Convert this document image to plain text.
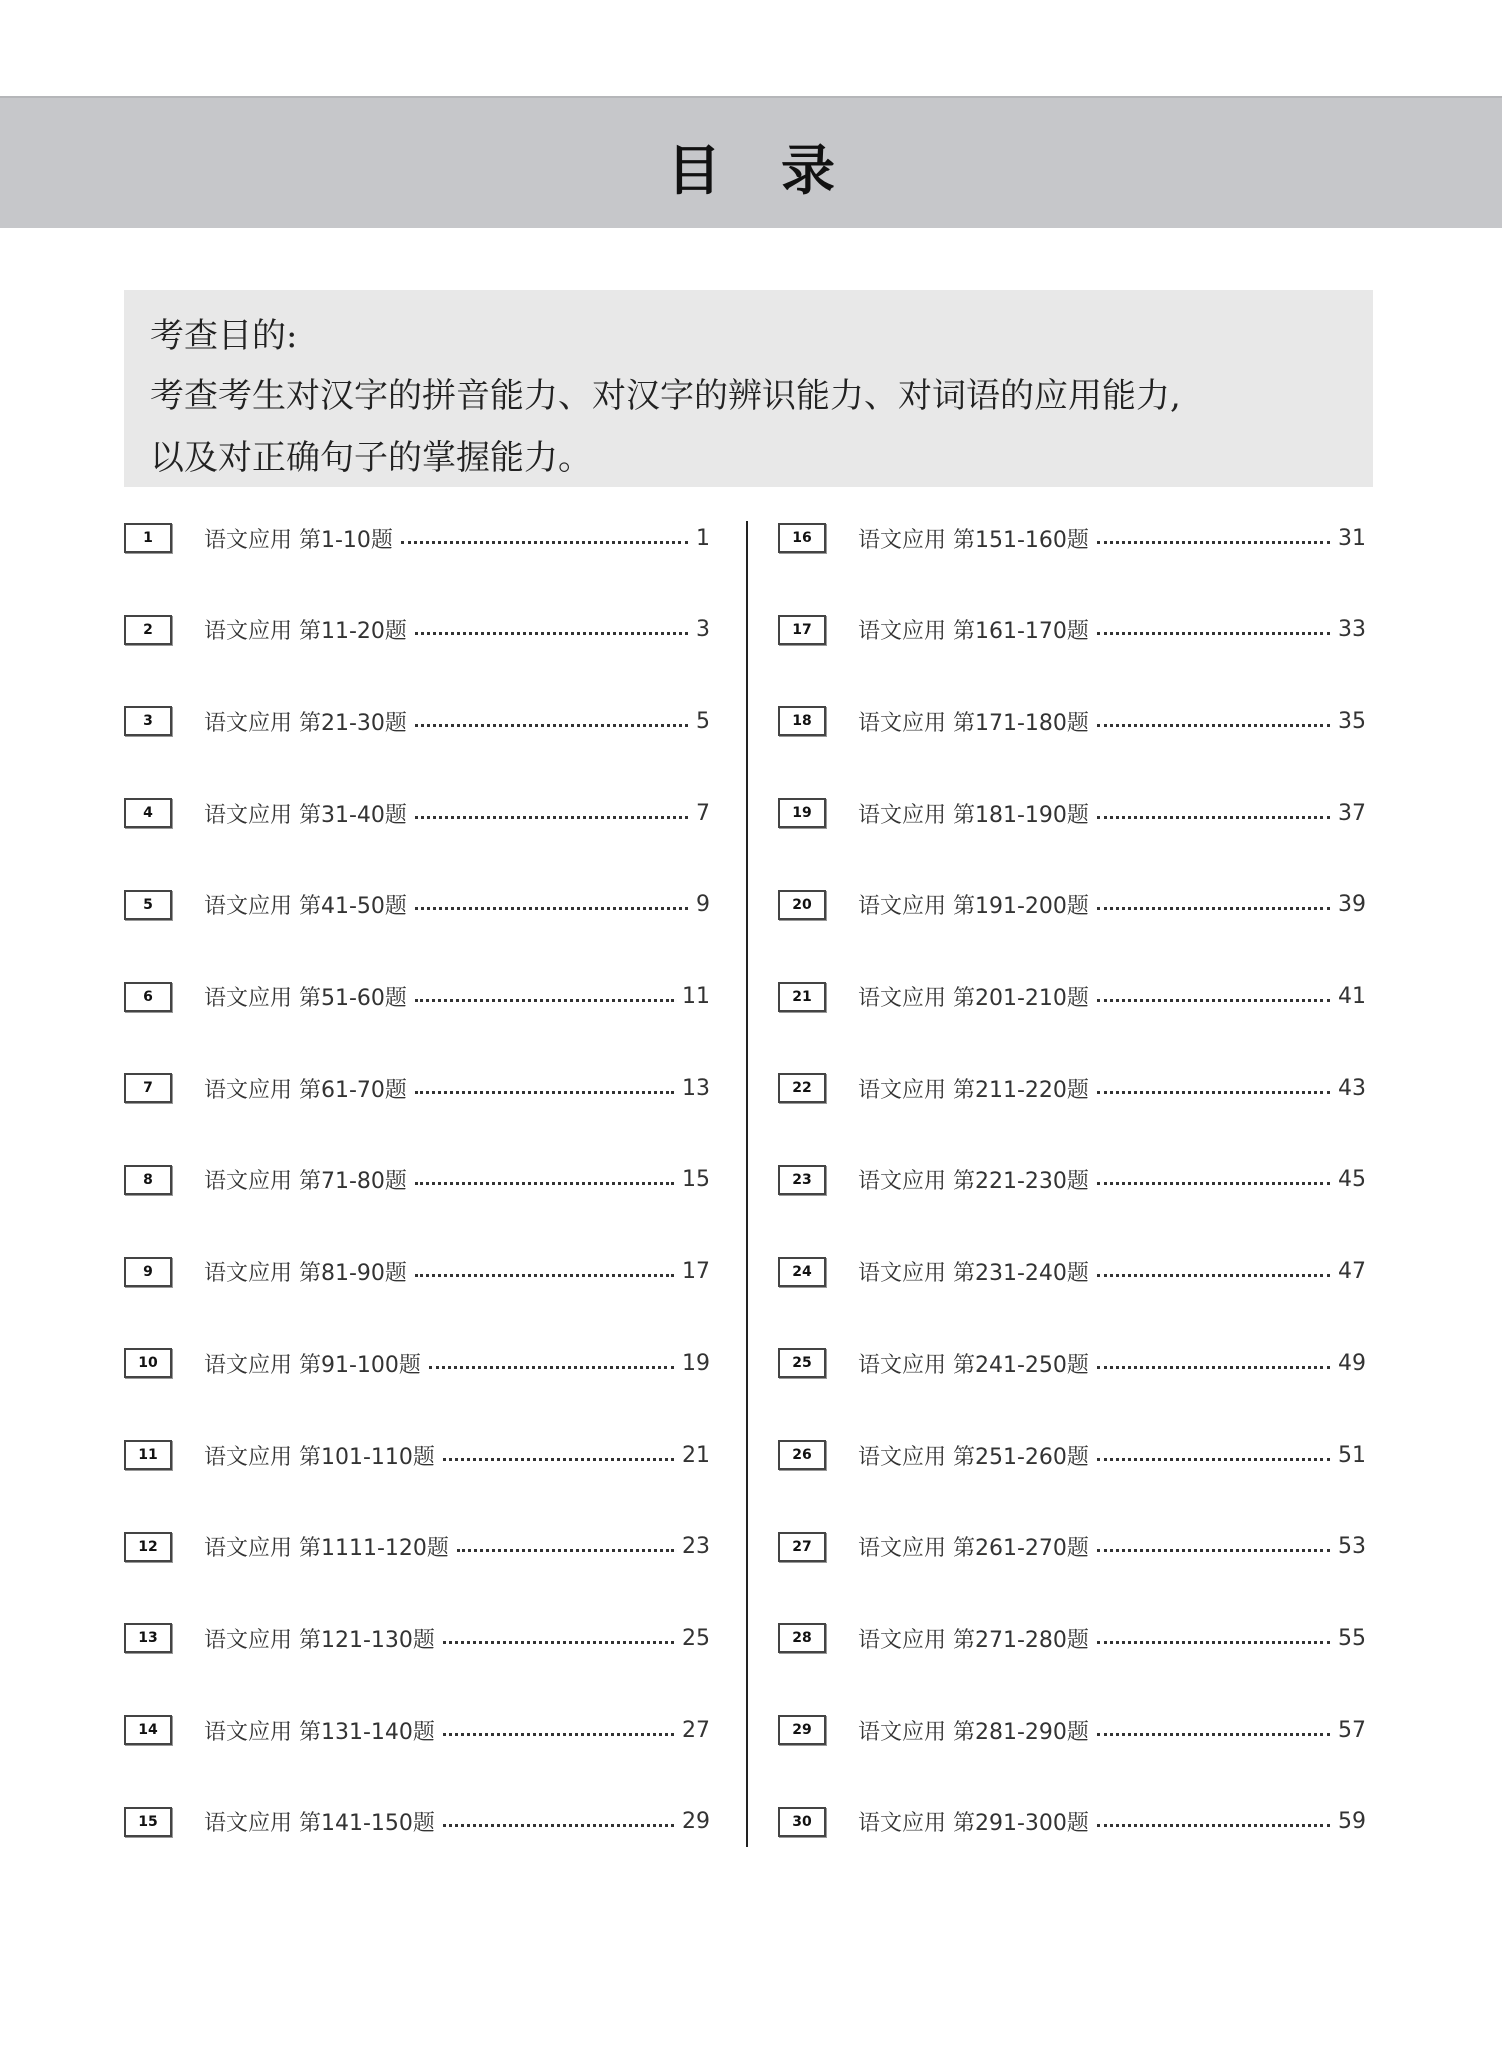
目录
考查目的:
考查考生对汉字的拼音能力、对汉字的辨识能力、对词语的应用能力,
以及对正确句子的掌握能力。
1	语文应用 第1-10题	1
2	语文应用 第11-20题	3
3	语文应用 第21-30题	5
4	语文应用 第31-40题	7
5	语文应用 第41-50题	9
6	语文应用 第51-60题	11
7	语文应用 第61-70题	13
8	语文应用 第71-80题	15
9	语文应用 第81-90题	17
10	语文应用 第91-100题	19
11	语文应用 第101-110题	21
12	语文应用 第1111-120题	23
13	语文应用 第121-130题	25
14	语文应用 第131-140题	27
15	语文应用 第141-150题	29
16	语文应用 第151-160题	31
17	语文应用 第161-170题	33
18	语文应用 第171-180题	35
19	语文应用 第181-190题	37
20	语文应用 第191-200题	39
21	语文应用 第201-210题	41
22	语文应用 第211-220题	43
23	语文应用 第221-230题	45
24	语文应用 第231-240题	47
25	语文应用 第241-250题	49
26	语文应用 第251-260题	51
27	语文应用 第261-270题	53
28	语文应用 第271-280题	55
29	语文应用 第281-290题	57
30	语文应用 第291-300题	59
